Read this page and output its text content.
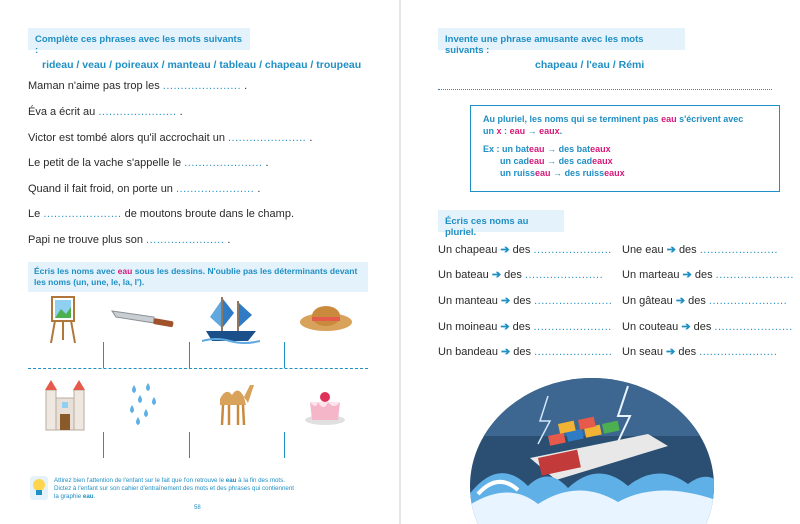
Complète ces phrases avec les mots suivants :
rideau / veau / poireaux / manteau / tableau / chapeau / troupeau
Maman n'aime pas trop les ...................... .
Éva a écrit au ...................... .
Victor est tombé alors qu'il accrochait un ...................... .
Le petit de la vache s'appelle le ...................... .
Quand il fait froid, on porte un ...................... .
Le ...................... de moutons broute dans le champ.
Papi ne trouve plus son ...................... .
Écris les noms avec eau sous les dessins. N'oublie pas les déterminants devant les noms (un, une, le, la, l').
Attirez bien l'attention de l'enfant sur le fait que l'on retrouve le eau à la fin des mots.
Dictez à l'enfant sur son cahier d'entraînement des mots et des phrases qui contiennent
la graphie eau.
58
Invente une phrase amusante avec les mots suivants :
chapeau / l'eau / Rémi
Au pluriel, les noms qui se terminent pas eau s'écrivent avec
un x : eau → eaux.
Ex : un bateau → des bateaux
un cadeau → des cadeaux
un ruisseau → des ruisseaux
Écris ces noms au pluriel.
Un chapeau ➔ des ......................
Un bateau ➔ des ......................
Un manteau ➔ des ......................
Un moineau ➔ des ......................
Un bandeau ➔ des ......................
Une eau ➔ des ......................
Un marteau ➔ des ......................
Un gâteau ➔ des ......................
Un couteau ➔ des ......................
Un seau ➔ des ......................
